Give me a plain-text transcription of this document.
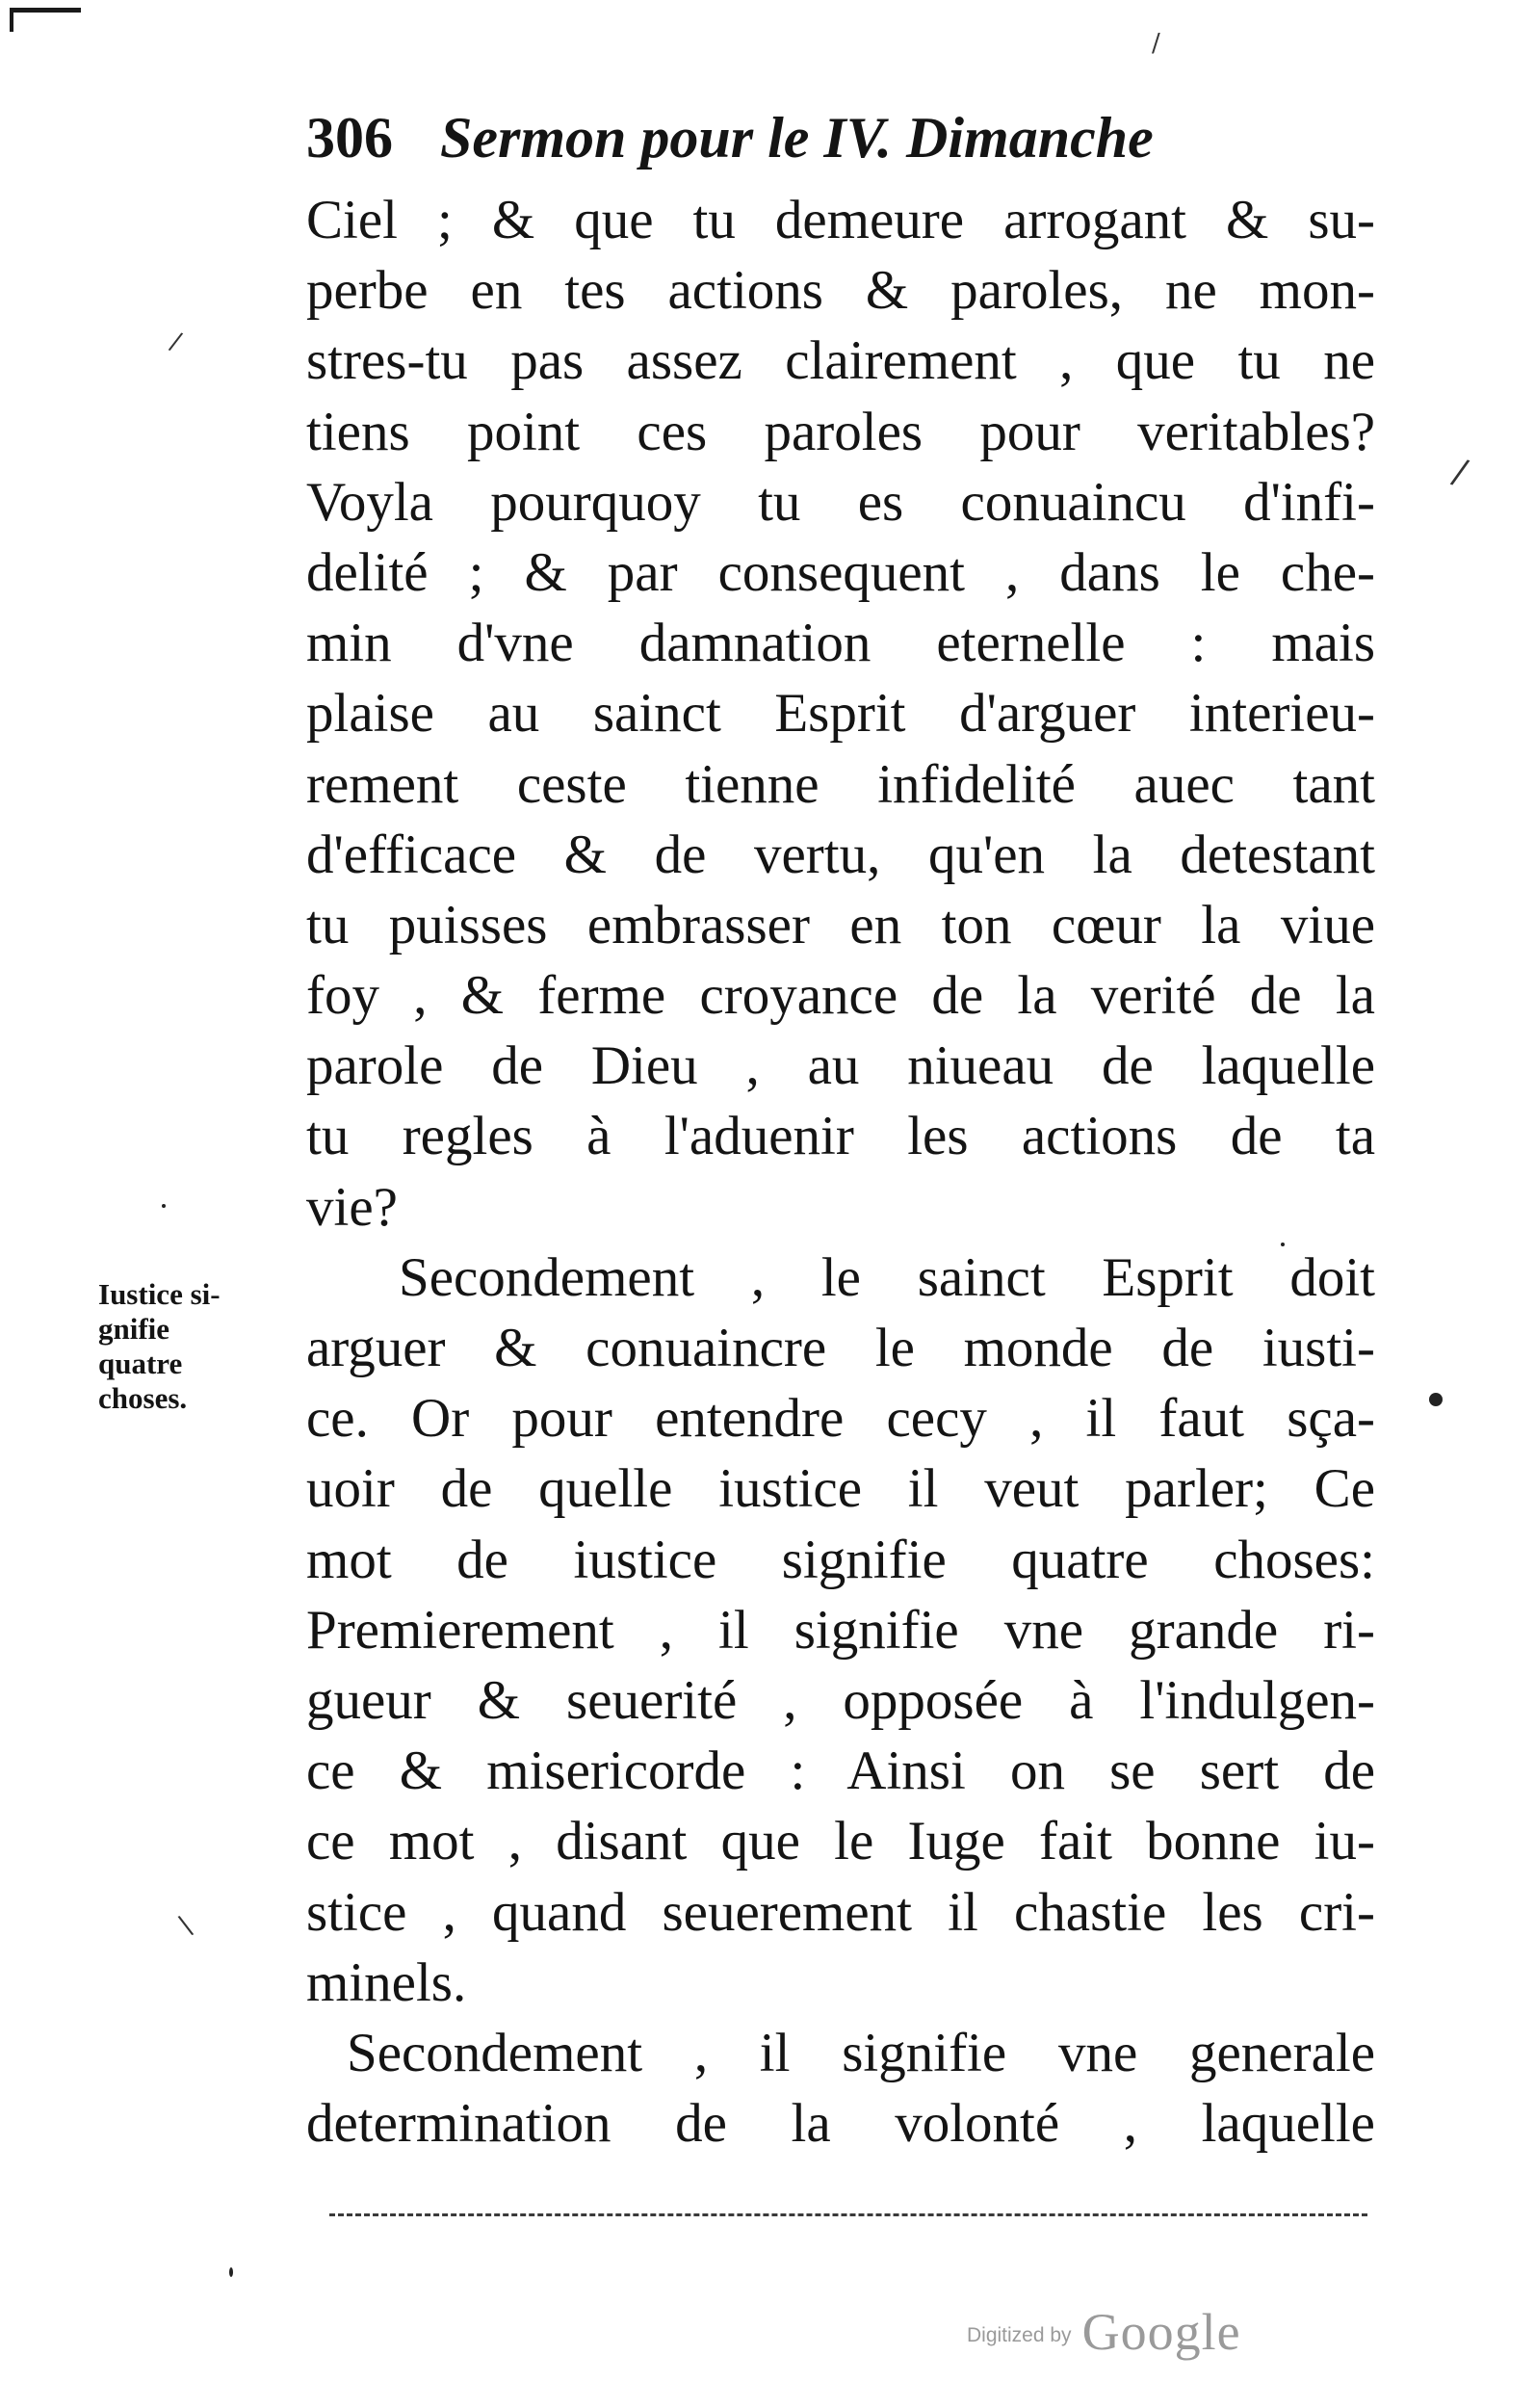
306 Sermon pour le IV. Dimanche
Ciel ; & que tu demeure arrogant & su-
perbe en tes actions & paroles, ne mon-
stres-tu pas assez clairement , que tu ne
tiens point ces paroles pour veritables?
Voyla pourquoy tu es conuaincu d'infi-
delité ; & par consequent , dans le che-
min d'vne damnation eternelle : mais
plaise au sainct Esprit d'arguer interieu-
rement ceste tienne infidelité auec tant
d'efficace & de vertu, qu'en la detestant
tu puisses embrasser en ton cœur la viue
foy , & ferme croyance de la verité de la
parole de Dieu , au niueau de laquelle
tu regles à l'aduenir les actions de ta
vie?
Secondement , le sainct Esprit doit
arguer & conuaincre le monde de iusti-
ce. Or pour entendre cecy , il faut sça-
uoir de quelle iustice il veut parler; Ce
mot de iustice signifie quatre choses:
Premierement , il signifie vne grande ri-
gueur & seuerité , opposée à l'indulgen-
ce & misericorde : Ainsi on se sert de
ce mot , disant que le Iuge fait bonne iu-
stice , quand seuerement il chastie les cri-
minels.
Secondement , il signifie vne generale
determination de la volonté , laquelle
Iustice si-
gnifie
quatre
choses.
/
/
/
\
Digitized by Google
